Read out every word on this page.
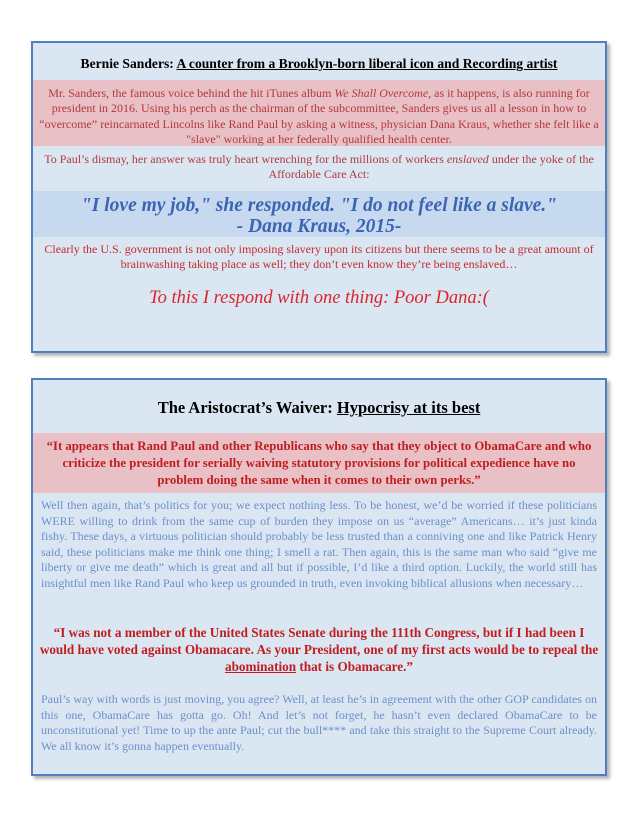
Bernie Sanders: A counter from a Brooklyn-born liberal icon and Recording artist
Mr. Sanders, the famous voice behind the hit iTunes album We Shall Overcome, as it happens, is also running for president in 2016. Using his perch as the chairman of the subcommittee, Sanders gives us all a lesson in how to “overcome” reincarnated Lincolns like Rand Paul by asking a witness, physician Dana Kraus, whether she felt like a "slave" working at her federally qualified health center.
To Paul’s dismay, her answer was truly heart wrenching for the millions of workers enslaved under the yoke of the Affordable Care Act:
"I love my job," she responded. "I do not feel like a slave."
- Dana Kraus, 2015-
Clearly the U.S. government is not only imposing slavery upon its citizens but there seems to be a great amount of brainwashing taking place as well; they don’t even know they’re being enslaved…
To this I respond with one thing: Poor Dana:(
The Aristocrat’s Waiver: Hypocrisy at its best
“It appears that Rand Paul and other Republicans who say that they object to ObamaCare and who criticize the president for serially waiving statutory provisions for political expedience have no problem doing the same when it comes to their own perks.”
Well then again, that’s politics for you; we expect nothing less. To be honest, we’d be worried if these politicians WERE willing to drink from the same cup of burden they impose on us “average” Americans… it’s just kinda fishy. These days, a virtuous politician should probably be less trusted than a conniving one and like Patrick Henry said, these politicians make me think one thing; I smell a rat. Then again, this is the same man who said “give me liberty or give me death” which is great and all but if possible, I’d like a third option. Luckily, the world still has insightful men like Rand Paul who keep us grounded in truth, even invoking biblical allusions when necessary…
“I was not a member of the United States Senate during the 111th Congress, but if I had been I would have voted against Obamacare. As your President, one of my first acts would be to repeal the abomination that is Obamacare.”
Paul’s way with words is just moving, you agree? Well, at least he’s in agreement with the other GOP candidates on this one, ObamaCare has gotta go. Oh! And let’s not forget, he hasn’t even declared ObamaCare to be unconstitutional yet! Time to up the ante Paul; cut the bull**** and take this straight to the Supreme Court already. We all know it’s gonna happen eventually.
